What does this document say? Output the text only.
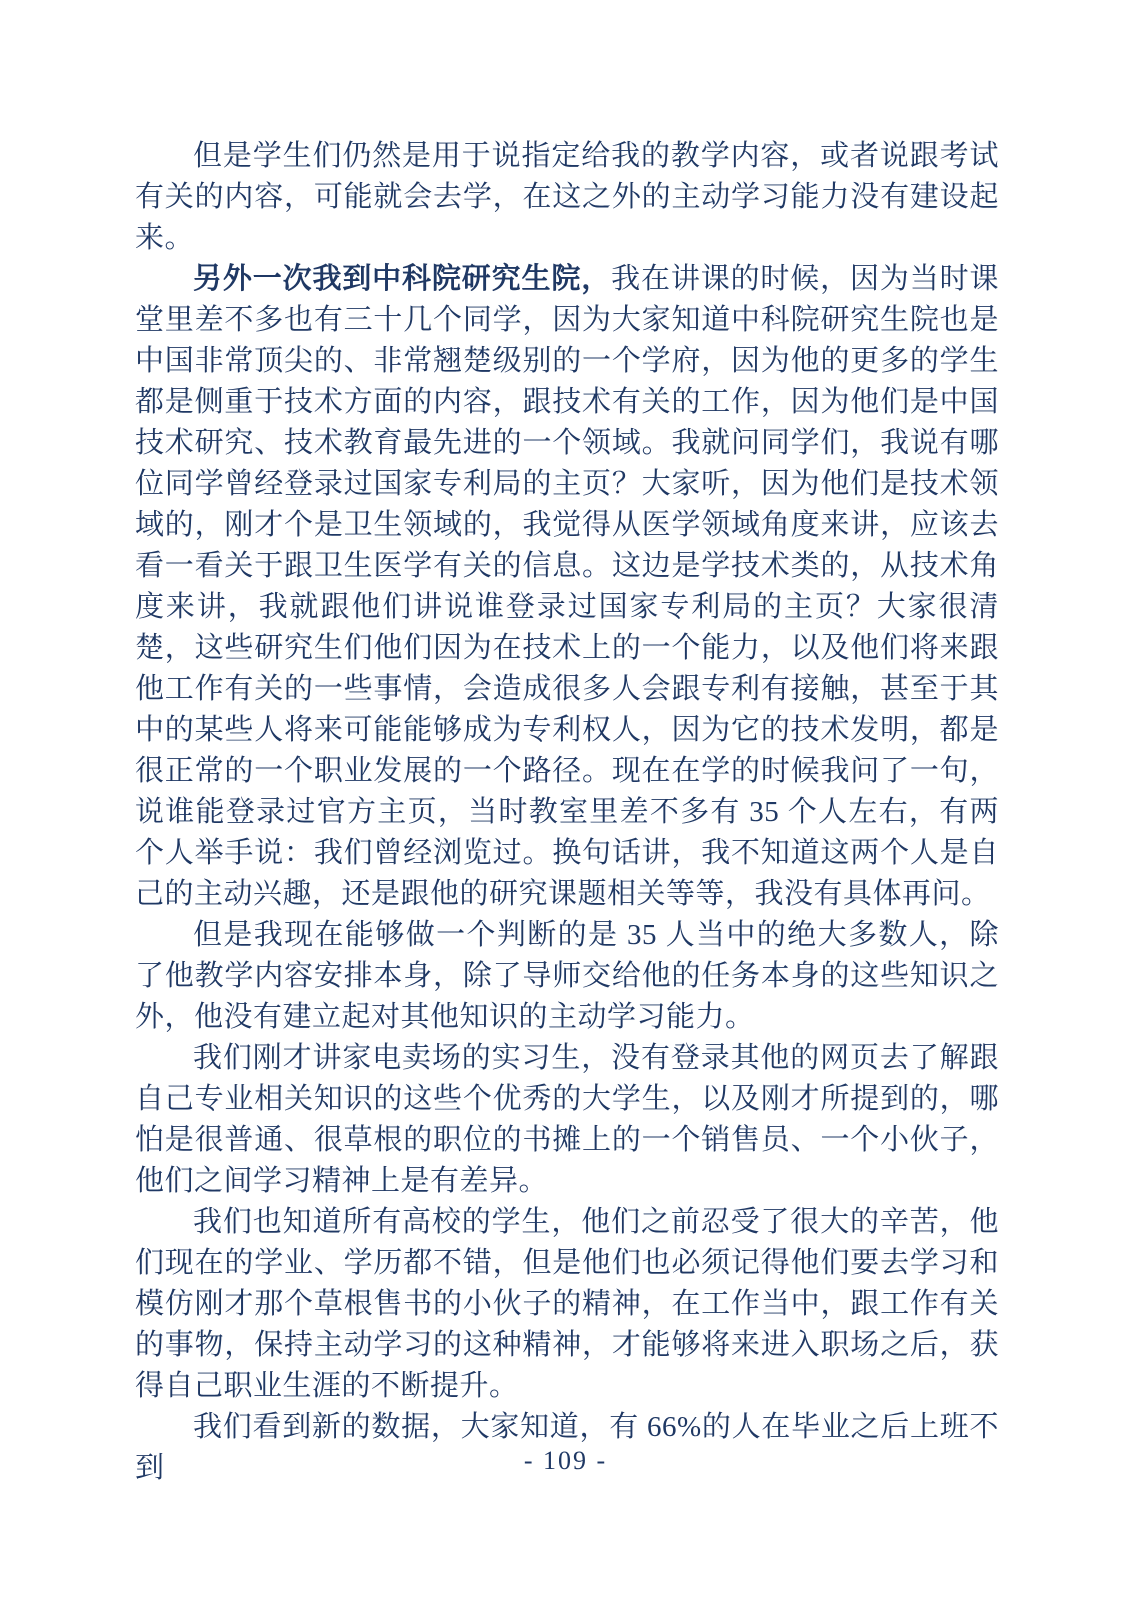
但是学生们仍然是用于说指定给我的教学内容，或者说跟考试有关的内容，可能就会去学，在这之外的主动学习能力没有建设起来。

另外一次我到中科院研究生院，我在讲课的时候，因为当时课堂里差不多也有三十几个同学，因为大家知道中科院研究生院也是中国非常顶尖的、非常翘楚级别的一个学府，因为他的更多的学生都是侧重于技术方面的内容，跟技术有关的工作，因为他们是中国技术研究、技术教育最先进的一个领域。我就问同学们，我说有哪位同学曾经登录过国家专利局的主页？大家听，因为他们是技术领域的，刚才个是卫生领域的，我觉得从医学领域角度来讲，应该去看一看关于跟卫生医学有关的信息。这边是学技术类的，从技术角度来讲，我就跟他们讲说谁登录过国家专利局的主页？大家很清楚，这些研究生们他们因为在技术上的一个能力，以及他们将来跟他工作有关的一些事情，会造成很多人会跟专利有接触，甚至于其中的某些人将来可能能够成为专利权人，因为它的技术发明，都是很正常的一个职业发展的一个路径。现在在学的时候我问了一句，说谁能登录过官方主页，当时教室里差不多有 35 个人左右，有两个人举手说：我们曾经浏览过。换句话讲，我不知道这两个人是自己的主动兴趣，还是跟他的研究课题相关等等，我没有具体再问。

但是我现在能够做一个判断的是 35 人当中的绝大多数人，除了他教学内容安排本身，除了导师交给他的任务本身的这些知识之外，他没有建立起对其他知识的主动学习能力。

我们刚才讲家电卖场的实习生，没有登录其他的网页去了解跟自己专业相关知识的这些个优秀的大学生，以及刚才所提到的，哪怕是很普通、很草根的职位的书摊上的一个销售员、一个小伙子，他们之间学习精神上是有差异。

我们也知道所有高校的学生，他们之前忍受了很大的辛苦，他们现在的学业、学历都不错，但是他们也必须记得他们要去学习和模仿刚才那个草根售书的小伙子的精神，在工作当中，跟工作有关的事物，保持主动学习的这种精神，才能够将来进入职场之后，获得自己职业生涯的不断提升。

我们看到新的数据，大家知道，有 66%的人在毕业之后上班不到	- 109 -
